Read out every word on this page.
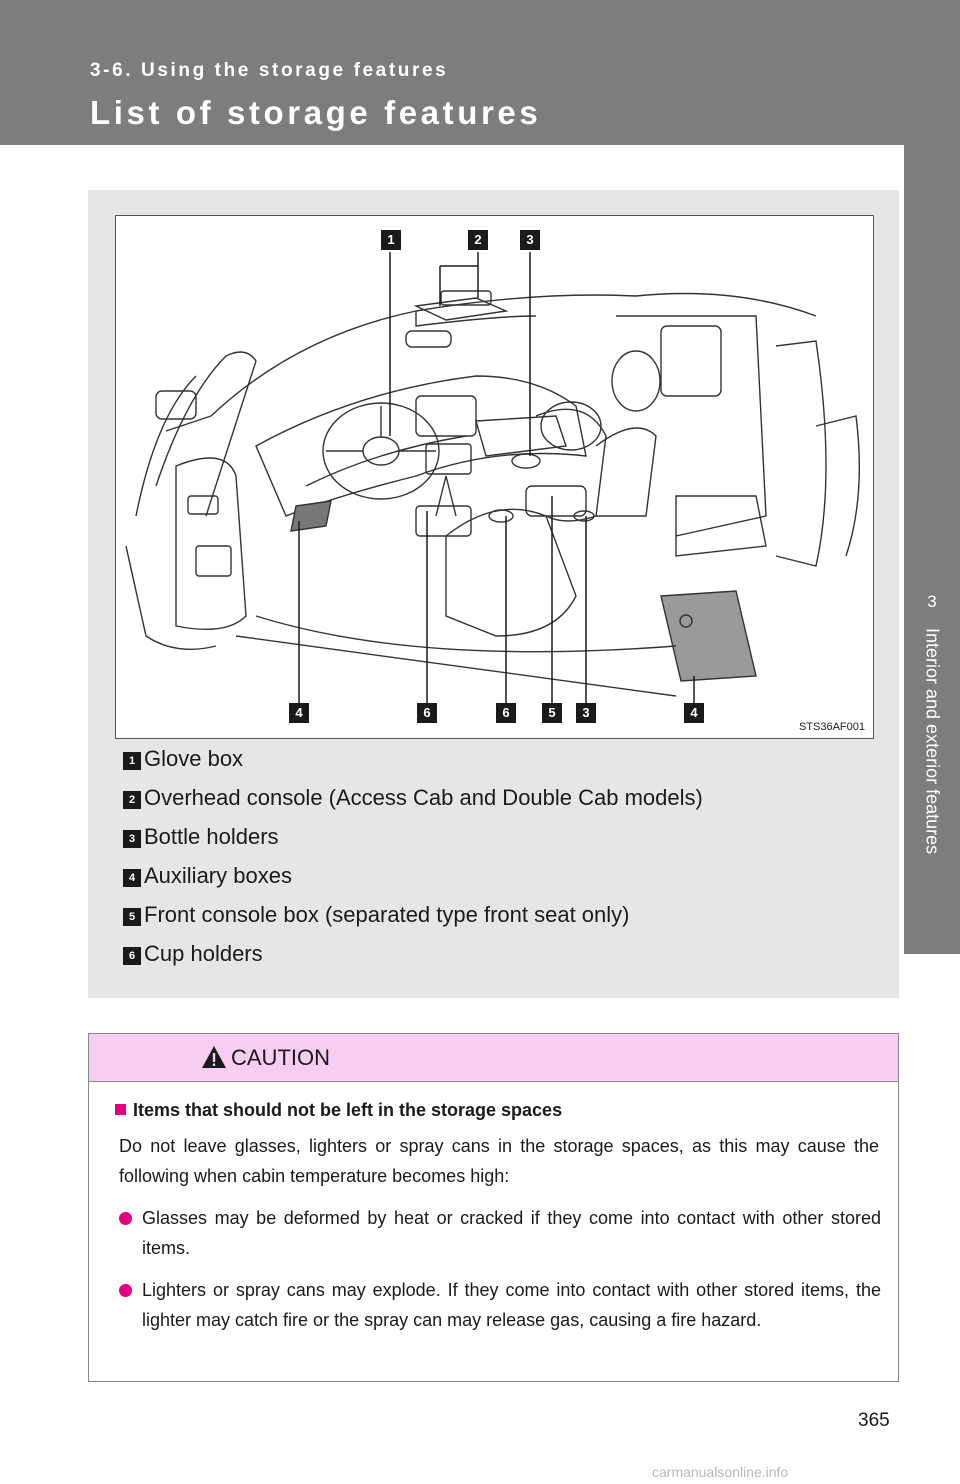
3-6. Using the storage features
List of storage features
3
Interior and exterior features
1	2	3
4	6	6	5	3	4
STS36AF001
1 Glove box
2 Overhead console (Access Cab and Double Cab models)
3 Bottle holders
4 Auxiliary boxes
5 Front console box (separated type front seat only)
6 Cup holders
CAUTION
Items that should not be left in the storage spaces
Do not leave glasses, lighters or spray cans in the storage spaces, as this may cause the following when cabin temperature becomes high:
Glasses may be deformed by heat or cracked if they come into contact with other stored items.
Lighters or spray cans may explode. If they come into contact with other stored items, the lighter may catch fire or the spray can may release gas, causing a fire hazard.
365
carmanualsonline.info
